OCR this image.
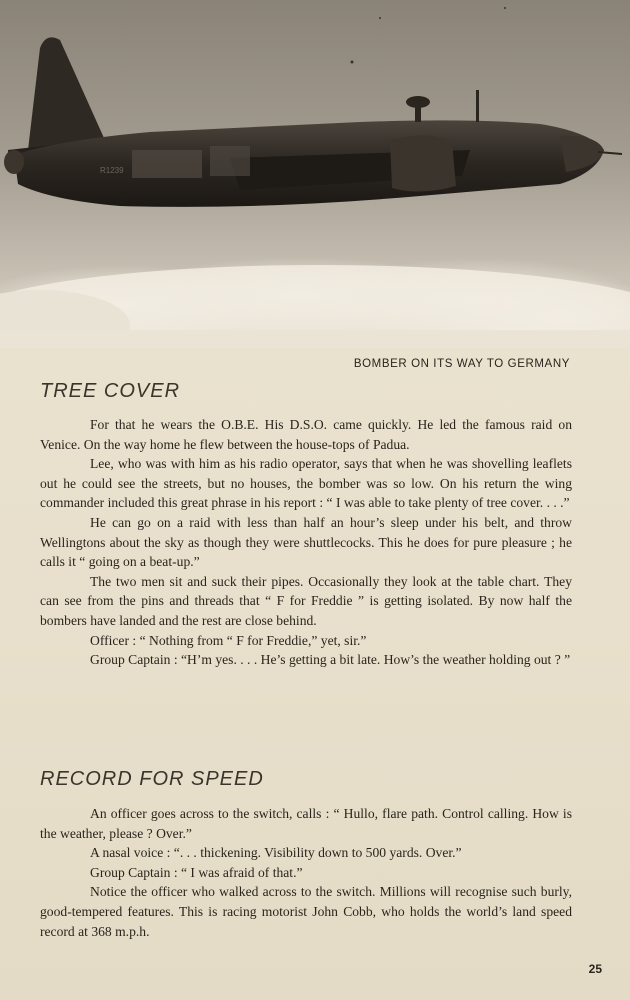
R1239
BOMBER ON ITS WAY TO GERMANY
TREE COVER

For that he wears the O.B.E. His D.S.O. came quickly. He led the famous raid on Venice. On the way home he flew between the house-tops of Padua.

Lee, who was with him as his radio operator, says that when he was shovelling leaflets out he could see the streets, but no houses, the bomber was so low. On his return the wing commander included this great phrase in his report : “ I was able to take plenty of tree cover. . . .”

He can go on a raid with less than half an hour’s sleep under his belt, and throw Wellingtons about the sky as though they were shuttlecocks. This he does for pure pleasure ; he calls it “ going on a beat-up.”

The two men sit and suck their pipes. Occasionally they look at the table chart. They can see from the pins and threads that “ F for Freddie ” is getting isolated. By now half the bombers have landed and the rest are close behind.

Officer : “ Nothing from “ F for Freddie,” yet, sir.”

Group Captain : “H’m yes. . . . He’s getting a bit late. How’s the weather holding out ? ”

RECORD FOR SPEED

An officer goes across to the switch, calls : “ Hullo, flare path. Control calling. How is the weather, please ? Over.”

A nasal voice : “. . . thickening. Visibility down to 500 yards. Over.”

Group Captain : “ I was afraid of that.”

Notice the officer who walked across to the switch. Millions will recognise such burly, good-tempered features. This is racing motorist John Cobb, who holds the world’s land speed record at 368 m.p.h.

25
